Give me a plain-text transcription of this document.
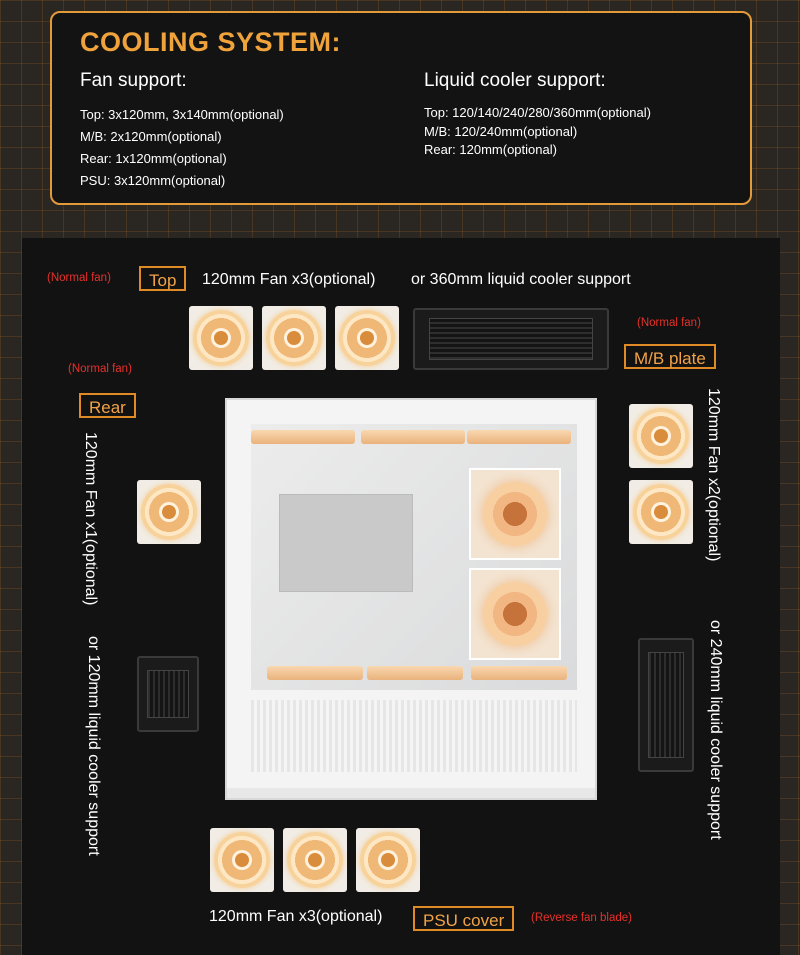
COOLING SYSTEM:
Fan support:
Top: 3x120mm, 3x140mm(optional)
M/B: 2x120mm(optional)
Rear: 1x120mm(optional)
PSU: 3x120mm(optional)
Liquid cooler support:
Top: 120/140/240/280/360mm(optional)
M/B: 120/240mm(optional)
Rear: 120mm(optional)
(Normal fan)	Top	120mm Fan x3(optional) or 360mm liquid cooler support
(Normal fan)
M/B plate
(Normal fan)
Rear
120mm Fan x1(optional)
or 120mm liquid cooler support
120mm Fan x2(optional)
or 240mm liquid cooler support
120mm Fan x3(optional)	PSU cover	(Reverse fan blade)
